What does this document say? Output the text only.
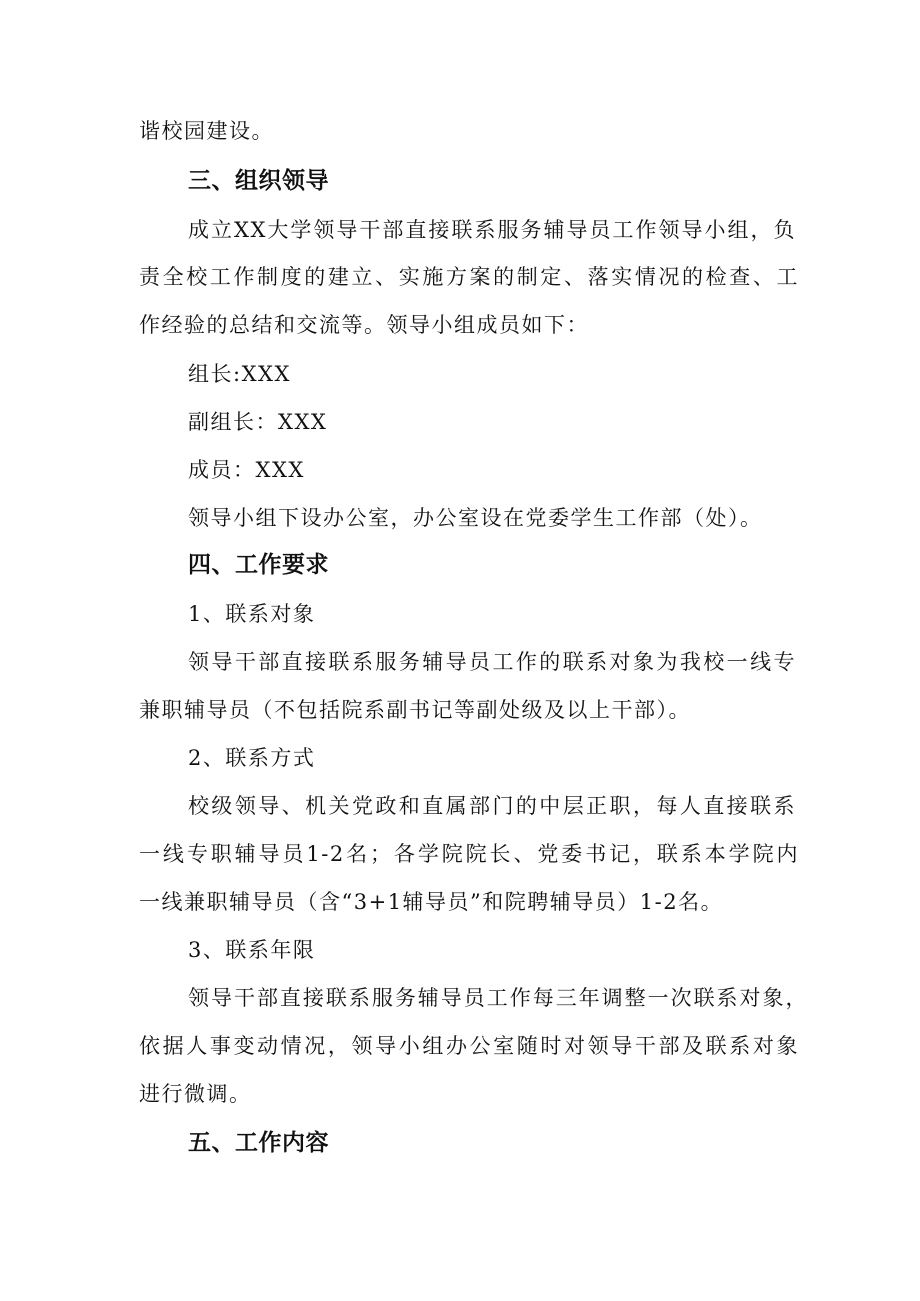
谐校园建设。
三、组织领导
成立XX大学领导干部直接联系服务辅导员工作领导小组，负
责全校工作制度的建立、实施方案的制定、落实情况的检查、工
作经验的总结和交流等。领导小组成员如下：
组长:XXX
副组长：XXX
成员：XXX
领导小组下设办公室，办公室设在党委学生工作部（处）。
四、工作要求
1、联系对象
领导干部直接联系服务辅导员工作的联系对象为我校一线专
兼职辅导员（不包括院系副书记等副处级及以上干部）。
2、联系方式
校级领导、机关党政和直属部门的中层正职，每人直接联系
一线专职辅导员1-2名；各学院院长、党委书记，联系本学院内
一线兼职辅导员（含“3+1辅导员”和院聘辅导员）1-2名。
3、联系年限
领导干部直接联系服务辅导员工作每三年调整一次联系对象，
依据人事变动情况，领导小组办公室随时对领导干部及联系对象
进行微调。
五、工作内容
